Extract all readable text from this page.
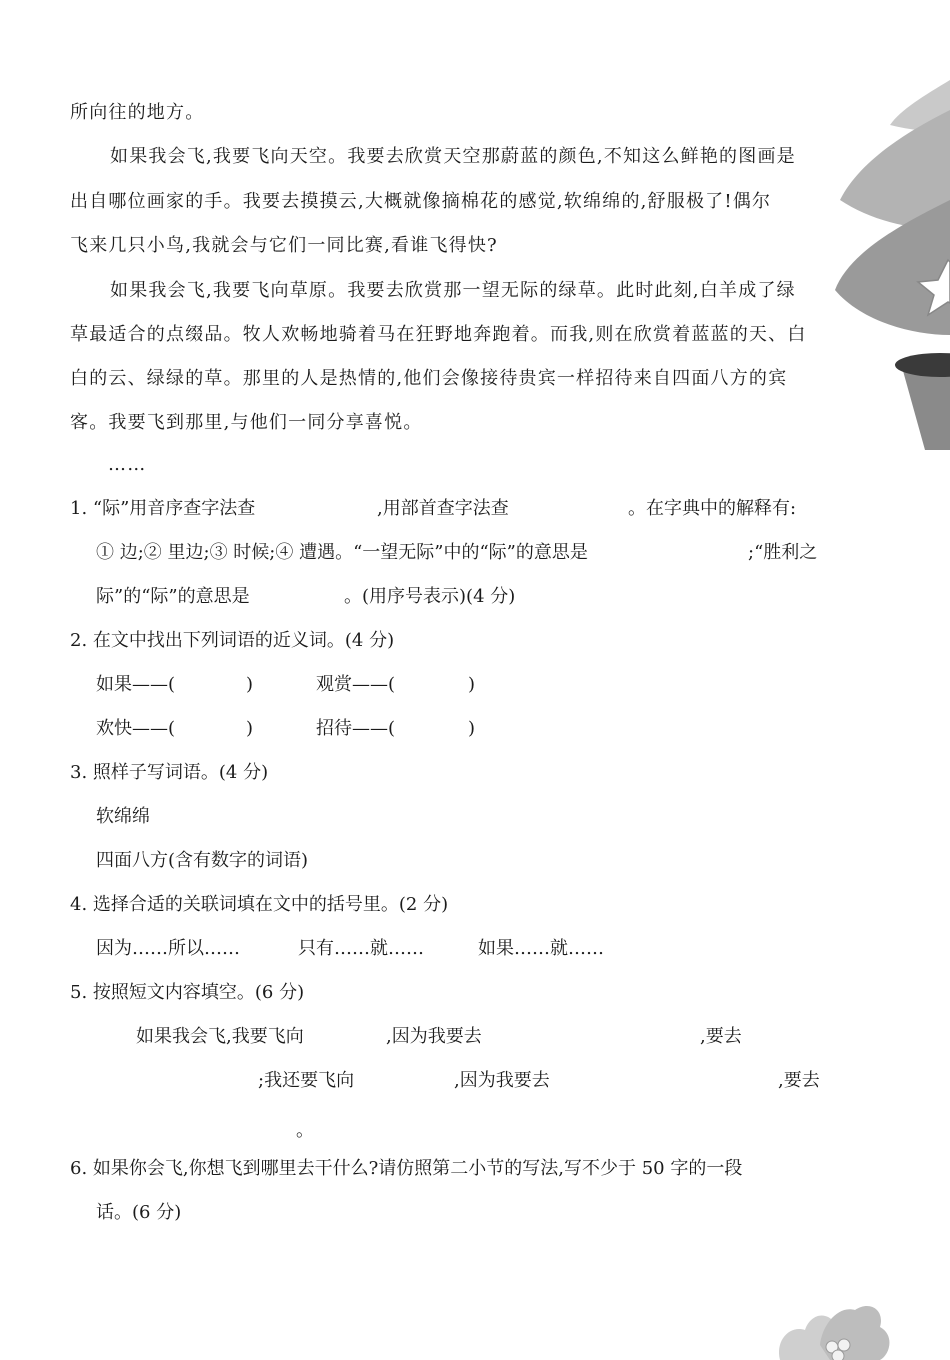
所向往的地方。
如果我会飞,我要飞向天空。我要去欣赏天空那蔚蓝的颜色,不知这么鲜艳的图画是
出自哪位画家的手。我要去摸摸云,大概就像摘棉花的感觉,软绵绵的,舒服极了!偶尔
飞来几只小鸟,我就会与它们一同比赛,看谁飞得快?
如果我会飞,我要飞向草原。我要去欣赏那一望无际的绿草。此时此刻,白羊成了绿
草最适合的点缀品。牧人欢畅地骑着马在狂野地奔跑着。而我,则在欣赏着蓝蓝的天、白
白的云、绿绿的草。那里的人是热情的,他们会像接待贵宾一样招待来自四面八方的宾
客。我要飞到那里,与他们一同分享喜悦。
……
1. “际”用音序查字法查	,用部首查字法查	。在字典中的解释有:
① 边;② 里边;③ 时候;④ 遭遇。“一望无际”中的“际”的意思是	;“胜利之
际”的“际”的意思是	。(用序号表示)(4 分)
2. 在文中找出下列词语的近义词。(4 分)
如果——(	)	观赏——(	)
欢快——(	)	招待——(	)
3. 照样子写词语。(4 分)
软绵绵
四面八方(含有数字的词语)
4. 选择合适的关联词填在文中的括号里。(2 分)
因为……所以……	只有……就……	如果……就……
5. 按照短文内容填空。(6 分)
如果我会飞,我要飞向	,因为我要去	,要去
;我还要飞向	,因为我要去	,要去
。
6. 如果你会飞,你想飞到哪里去干什么?请仿照第二小节的写法,写不少于 50 字的一段
话。(6 分)
